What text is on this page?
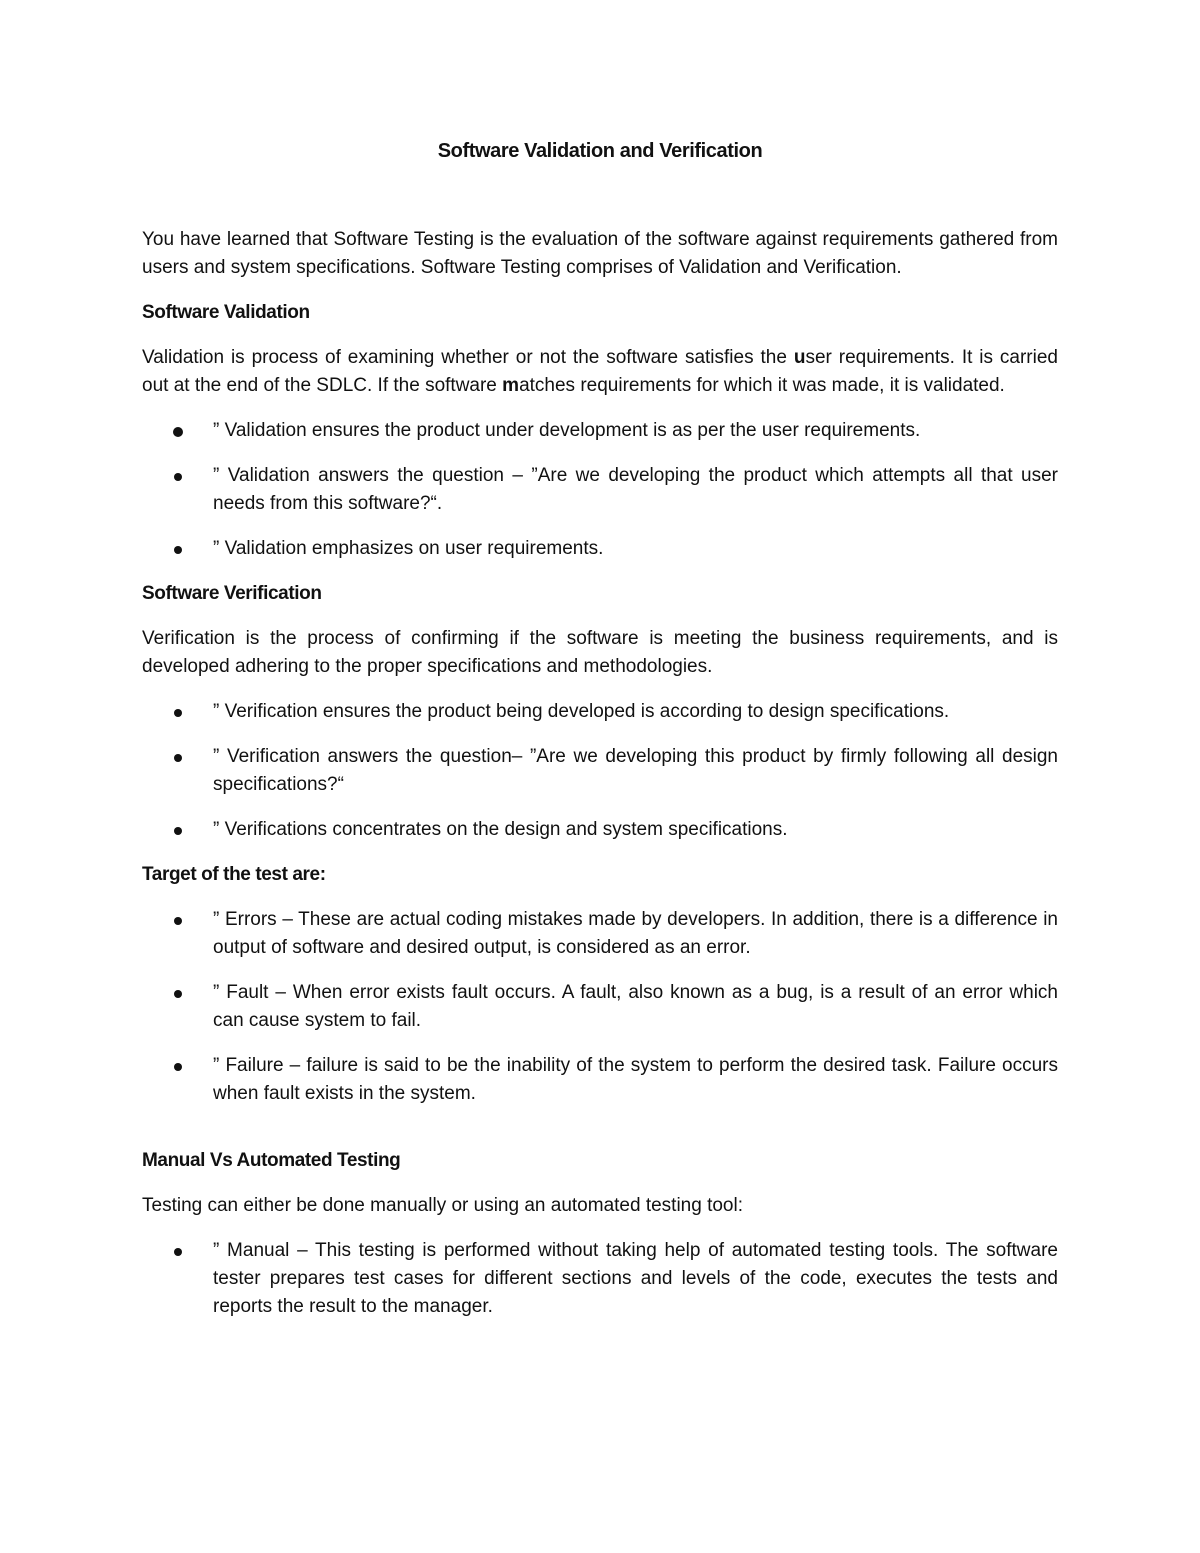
Software Validation and Verification

You have learned that Software Testing is the evaluation of the software against requirements gathered from users and system specifications. Software Testing comprises of Validation and Verification.

Software Validation

Validation is process of examining whether or not the software satisfies the user requirements. It is carried out at the end of the SDLC. If the software matches requirements for which it was made, it is validated.

” Validation ensures the product under development is as per the user requirements.
” Validation answers the question – ”Are we developing the product which attempts all that user needs from this software?“.
” Validation emphasizes on user requirements.
Software Verification

Verification is the process of confirming if the software is meeting the business requirements, and is developed adhering to the proper specifications and methodologies.

” Verification ensures the product being developed is according to design specifications.
” Verification answers the question– ”Are we developing this product by firmly following all design specifications?“
” Verifications concentrates on the design and system specifications.
Target of the test are:
” Errors – These are actual coding mistakes made by developers. In addition, there is a difference in output of software and desired output, is considered as an error.
” Fault – When error exists fault occurs. A fault, also known as a bug, is a result of an error which can cause system to fail.
” Failure – failure is said to be the inability of the system to perform the desired task. Failure occurs when fault exists in the system.
Manual Vs Automated Testing

Testing can either be done manually or using an automated testing tool:

” Manual – This testing is performed without taking help of automated testing tools. The software tester prepares test cases for different sections and levels of the code, executes the tests and reports the result to the manager.
